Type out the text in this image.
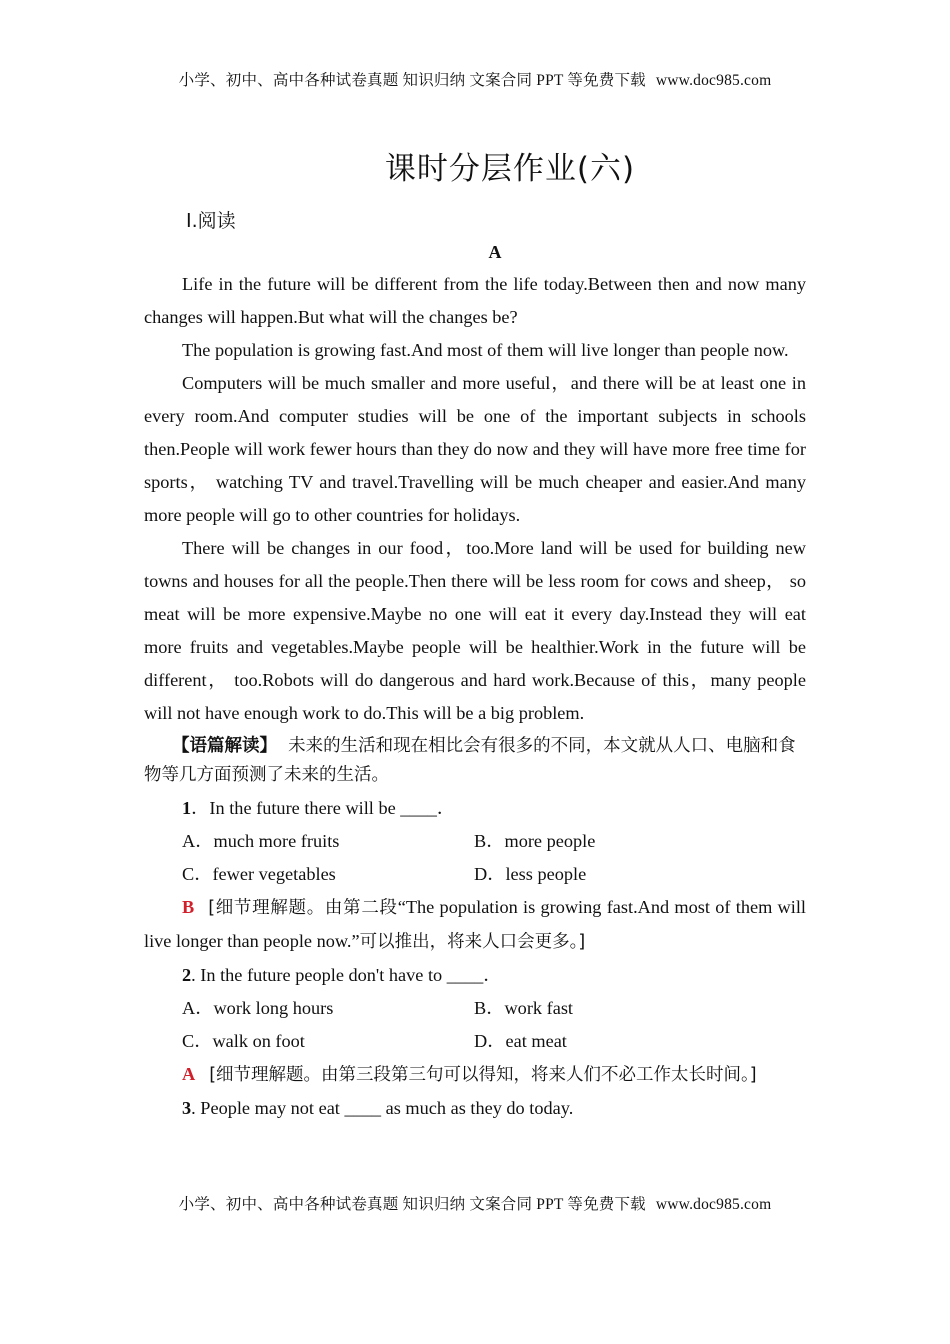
小学、初中、高中各种试卷真题 知识归纳 文案合同 PPT 等免费下载 www.doc985.com
课时分层作业(六)
Ⅰ.阅读
A

Life in the future will be different from the life today.Between then and now many changes will happen.But what will the changes be?

The population is growing fast.And most of them will live longer than people now.

Computers will be much smaller and more useful，and there will be at least one in every room.And computer studies will be one of the important subjects in schools then.People will work fewer hours than they do now and they will have more free time for sports， watching TV and travel.Travelling will be much cheaper and easier.And many more people will go to other countries for holidays.

There will be changes in our food，too.More land will be used for building new towns and houses for all the people.Then there will be less room for cows and sheep， so meat will be more expensive.Maybe no one will eat it every day.Instead they will eat more fruits and vegetables.Maybe people will be healthier.Work in the future will be different， too.Robots will do dangerous and hard work.Because of this，many people will not have enough work to do.This will be a big problem.

【语篇解读】 未来的生活和现在相比会有很多的不同，本文就从人口、电脑和食物等几方面预测了未来的生活。

1．In the future there will be ____．

A．much more fruits	B．more people
C．fewer vegetables	D．less people

B [细节理解题。由第二段“The population is growing fast.And most of them will live longer than people now.”可以推出，将来人口会更多。]

2. In the future people don't have to ____．

A．work long hours	B．work fast
C．walk on foot	D．eat meat

A [细节理解题。由第三段第三句可以得知，将来人们不必工作太长时间。]

3. People may not eat ____ as much as they do today.

小学、初中、高中各种试卷真题 知识归纳 文案合同 PPT 等免费下载 www.doc985.com
